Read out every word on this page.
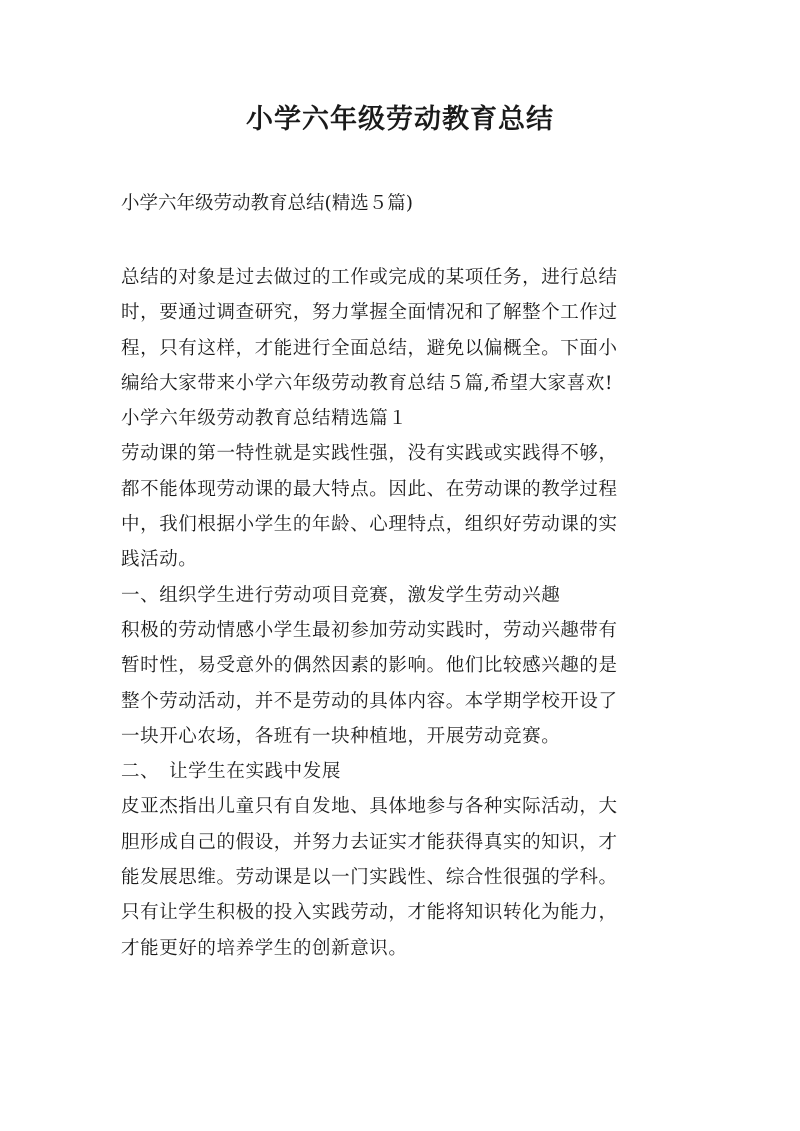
小学六年级劳动教育总结

小学六年级劳动教育总结(精选５篇)

总结的对象是过去做过的工作或完成的某项任务，进行总结
时，要通过调查研究，努力掌握全面情况和了解整个工作过
程，只有这样，才能进行全面总结，避免以偏概全。下面小
编给大家带来小学六年级劳动教育总结５篇,希望大家喜欢!
小学六年级劳动教育总结精选篇１
劳动课的第一特性就是实践性强，没有实践或实践得不够，
都不能体现劳动课的最大特点。因此、在劳动课的教学过程
中，我们根据小学生的年龄、心理特点，组织好劳动课的实
践活动。
一、组织学生进行劳动项目竞赛，激发学生劳动兴趣
积极的劳动情感小学生最初参加劳动实践时，劳动兴趣带有
暂时性，易受意外的偶然因素的影响。他们比较感兴趣的是
整个劳动活动，并不是劳动的具体内容。本学期学校开设了
一块开心农场，各班有一块种植地，开展劳动竞赛。
二、　让学生在实践中发展
皮亚杰指出儿童只有自发地、具体地参与各种实际活动，大
胆形成自己的假设，并努力去证实才能获得真实的知识，才
能发展思维。劳动课是以一门实践性、综合性很强的学科。
只有让学生积极的投入实践劳动，才能将知识转化为能力，
才能更好的培养学生的创新意识。
